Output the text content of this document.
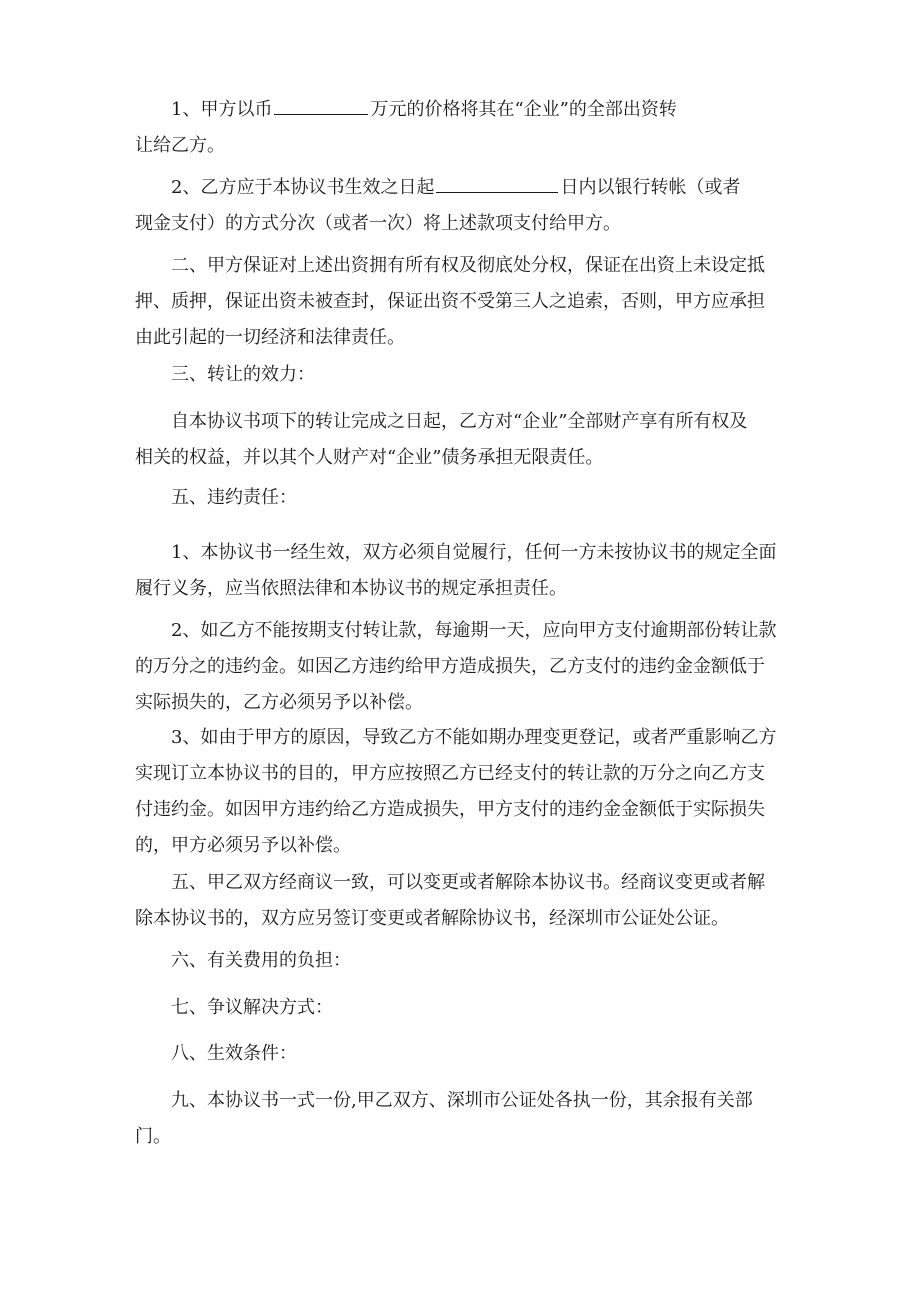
1、甲方以币	万元的价格将其在“企业”的全部出资转
让给乙方。

2、乙方应于本协议书生效之日起	日内以银行转帐（或者
现金支付）的方式分次（或者一次）将上述款项支付给甲方。

二、甲方保证对上述出资拥有所有权及彻底处分权，保证在出资上未设定抵
押、质押，保证出资未被查封，保证出资不受第三人之追索，否则，甲方应承担
由此引起的一切经济和法律责任。

三、转让的效力：

自本协议书项下的转让完成之日起，乙方对“企业”全部财产享有所有权及
相关的权益，并以其个人财产对“企业”债务承担无限责任。

五、违约责任：

1、本协议书一经生效，双方必须自觉履行，任何一方未按协议书的规定全面
履行义务，应当依照法律和本协议书的规定承担责任。

2、如乙方不能按期支付转让款，每逾期一天，应向甲方支付逾期部份转让款
的万分之的违约金。如因乙方违约给甲方造成损失，乙方支付的违约金金额低于
实际损失的，乙方必须另予以补偿。

3、如由于甲方的原因，导致乙方不能如期办理变更登记，或者严重影响乙方
实现订立本协议书的目的，甲方应按照乙方已经支付的转让款的万分之向乙方支
付违约金。如因甲方违约给乙方造成损失，甲方支付的违约金金额低于实际损失
的，甲方必须另予以补偿。

五、甲乙双方经商议一致，可以变更或者解除本协议书。经商议变更或者解
除本协议书的，双方应另签订变更或者解除协议书，经深圳市公证处公证。

六、有关费用的负担：

七、争议解决方式：

八、生效条件：

九、本协议书一式一份,甲乙双方、深圳市公证处各执一份，其余报有关部
门。
